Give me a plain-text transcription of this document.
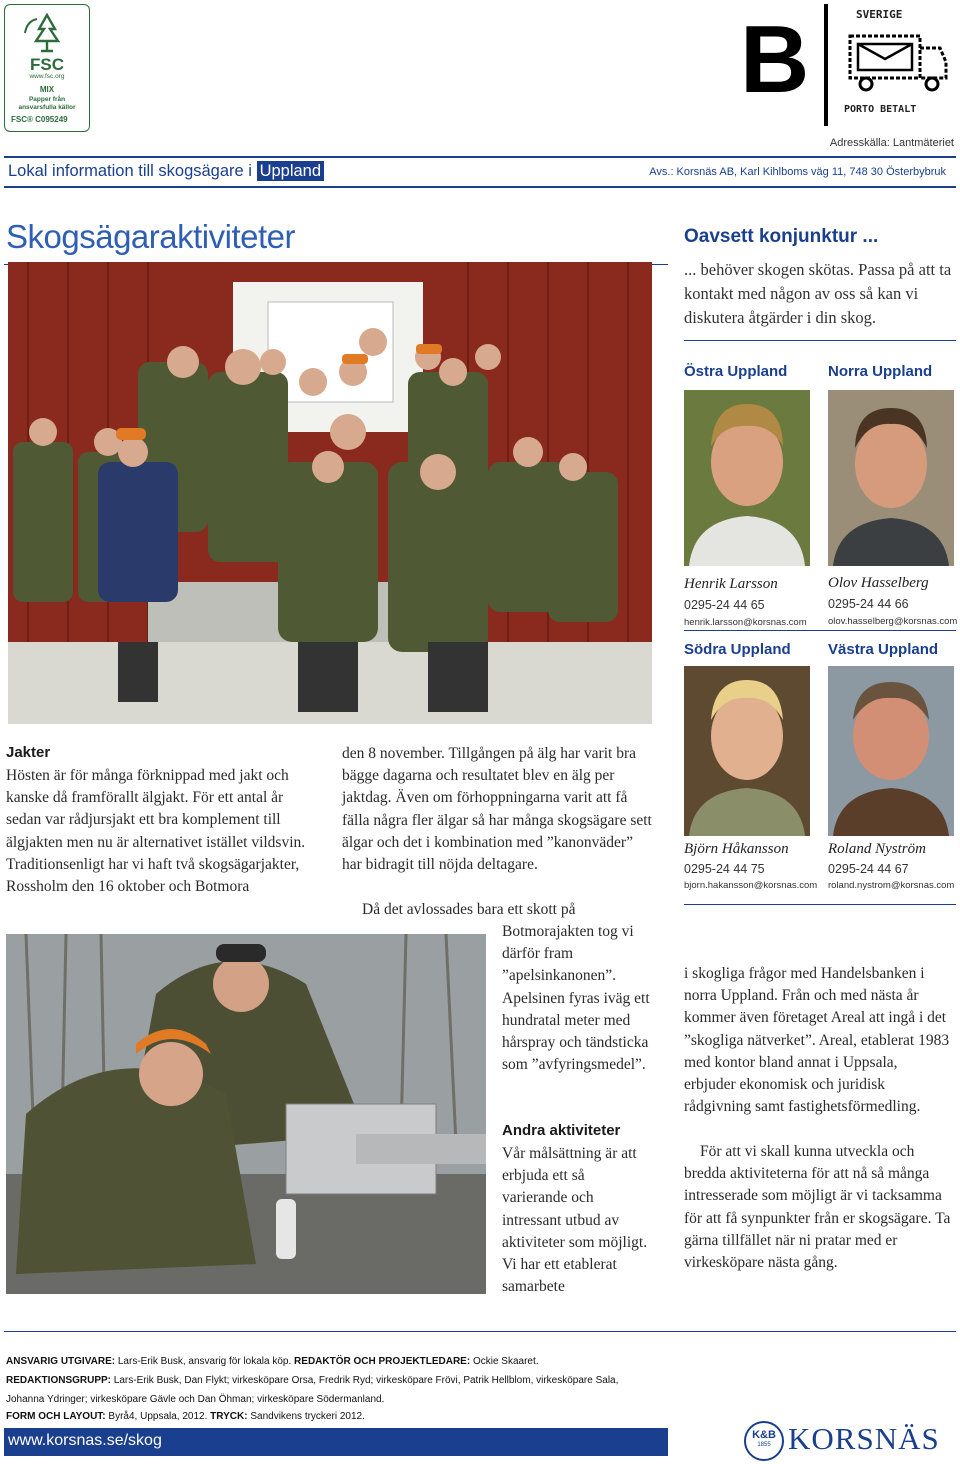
FSC
www.fsc.org
MIX
Papper från
ansvarsfulla källor
FSC® C095249
B	SVERIGE
PORTO BETALT
Adresskälla: Lantmäteriet
Lokal information till skogsägare i Uppland	Avs.: Korsnäs AB, Karl Kihlboms väg 11, 748 30 Österbybruk
Skogsägaraktiviteter	Oavsett konjunktur ...
... behöver skogen skötas. Passa på att ta kontakt med någon av oss så kan vi diskutera åtgärder i din skog.
Östra Uppland	Norra Uppland
Henrik Larsson
0295-24 44 65
henrik.larsson@korsnas.com
Olov Hasselberg
0295-24 44 66
olov.hasselberg@korsnas.com
Södra Uppland Västra Uppland
Björn Håkansson
0295-24 44 75
bjorn.hakansson@korsnas.com
Roland Nyström
0295-24 44 67
roland.nystrom@korsnas.com
Jakter
Hösten är för många förknippad med jakt och kanske då framförallt älgjakt. För ett antal år sedan var rådjursjakt ett bra komplement till älgjakten men nu är alternativet istället vildsvin. Traditionsenligt har vi haft två skogsägarjakter, Rossholm den 16 oktober och Botmora
den 8 november. Tillgången på älg har varit bra bägge dagarna och resultatet blev en älg per jaktdag. Även om förhoppningarna varit att få fälla några fler älgar så har många skogsägare sett älgar och det i kombination med ”kanonväder” har bidragit till nöjda deltagare.
Då det avlossades bara ett skott på
Botmorajakten tog vi därför fram ”apelsinkanonen”. Apelsinen fyras iväg ett hundratal meter med hårspray och tändsticka som ”avfyringsmedel”.
Andra aktiviteter
Vår målsättning är att erbjuda ett så varierande och intressant utbud av aktiviteter som möjligt. Vi har ett etablerat samarbete
i skogliga frågor med Handelsbanken i norra Uppland. Från och med nästa år kommer även företaget Areal att ingå i det ”skogliga nätverket”. Areal, etablerat 1983 med kontor bland annat i Uppsala, erbjuder ekonomisk och juridisk rådgivning samt fastighetsförmedling.
För att vi skall kunna utveckla och bredda aktiviteterna för att nå så många intresserade som möjligt är vi tacksamma för att få synpunkter från er skogsägare. Ta gärna tillfället när ni pratar med er virkesköpare nästa gång.
ANSVARIG UTGIVARE: Lars-Erik Busk, ansvarig för lokala köp. REDAKTÖR OCH PROJEKTLEDARE: Ockie Skaaret.
REDAKTIONSGRUPP: Lars-Erik Busk, Dan Flykt; virkesköpare Orsa, Fredrik Ryd; virkesköpare Frövi, Patrik Hellblom, virkesköpare Sala,
Johanna Ydringer; virkesköpare Gävle och Dan Öhman; virkesköpare Södermanland.
FORM OCH LAYOUT: Byrå4, Uppsala, 2012. TRYCK: Sandvikens tryckeri 2012.
www.korsnas.se/skog	K&B
1855 KORSNÄS
